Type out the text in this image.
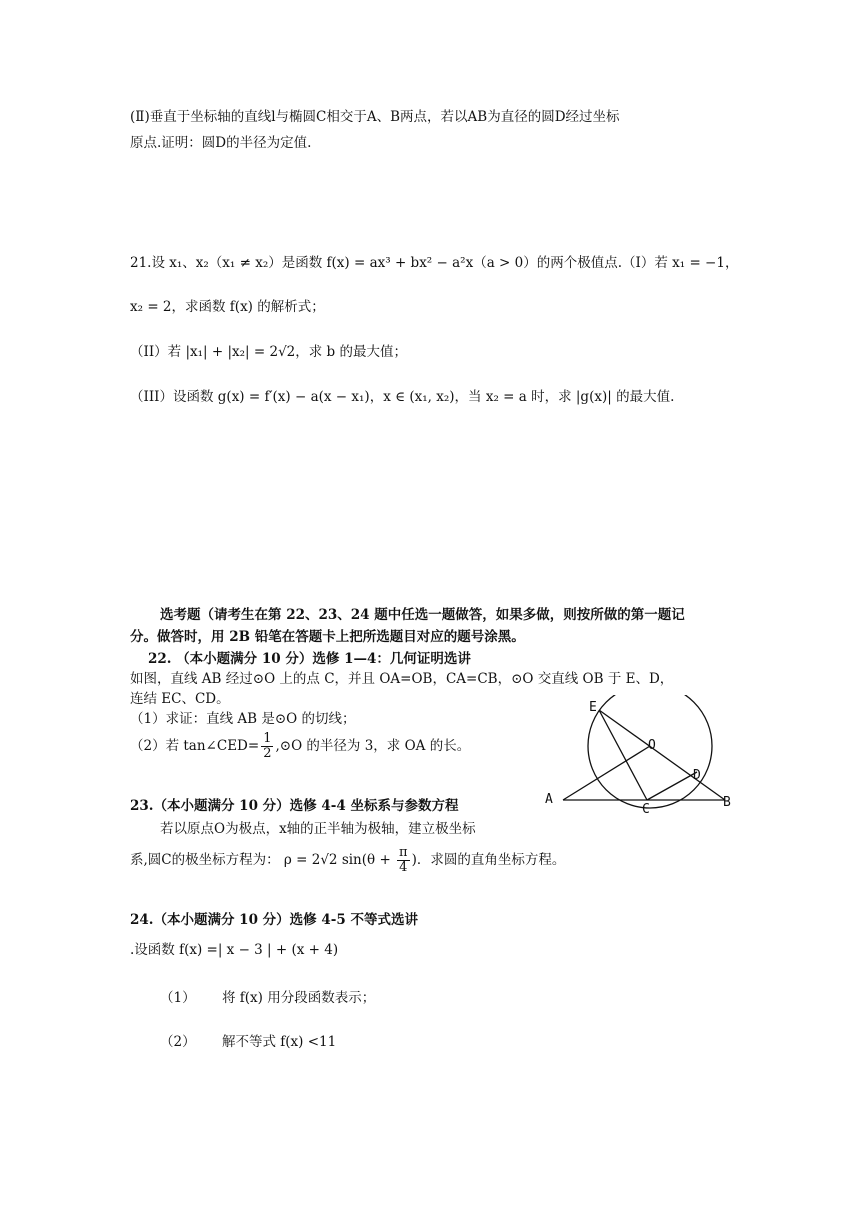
(Ⅱ)垂直于坐标轴的直线l与椭圆C相交于A、B两点，若以AB为直径的圆D经过坐标
原点.证明：圆D的半径为定值.
21.设 x₁、x₂（x₁ ≠ x₂）是函数 f(x) = ax³ + bx² − a²x（a > 0）的两个极值点.（I）若 x₁ = −1，
x₂ = 2，求函数 f(x) 的解析式；
（II）若 |x₁| + |x₂| = 2√2，求 b 的最大值；
（III）设函数 g(x) = f′(x) − a(x − x₁)，x ∈ (x₁, x₂)，当 x₂ = a 时，求 |g(x)| 的最大值.
选考题（请考生在第 22、23、24 题中任选一题做答，如果多做，则按所做的第一题记
分。做答时，用 2B 铅笔在答题卡上把所选题目对应的题号涂黑。
22. （本小题满分 10 分）选修 1—4：几何证明选讲
如图，直线 AB 经过⊙O 上的点 C，并且 OA=OB，CA=CB，⊙O 交直线 OB 于 E、D，
连结 EC、CD。
（1）求证：直线 AB 是⊙O 的切线；
（2）若 tan∠CED= $\frac{1}{2}$ ,⊙O 的半径为 3，求 OA 的长。
E
O
D
A
C	B
23.（本小题满分 10 分）选修 4-4 坐标系与参数方程
若以原点O为极点，x轴的正半轴为极轴，建立极坐标
系,圆C的极坐标方程为： ρ = 2√2 $\sin(\theta + \frac{\pi}{4}$ )．求圆的直角坐标方程。
24.（本小题满分 10 分）选修 4-5 不等式选讲
.设函数 f(x) =| x − 3 | + (x + 4)
（1） 将 f(x) 用分段函数表示；
（2） 解不等式 f(x) <11
